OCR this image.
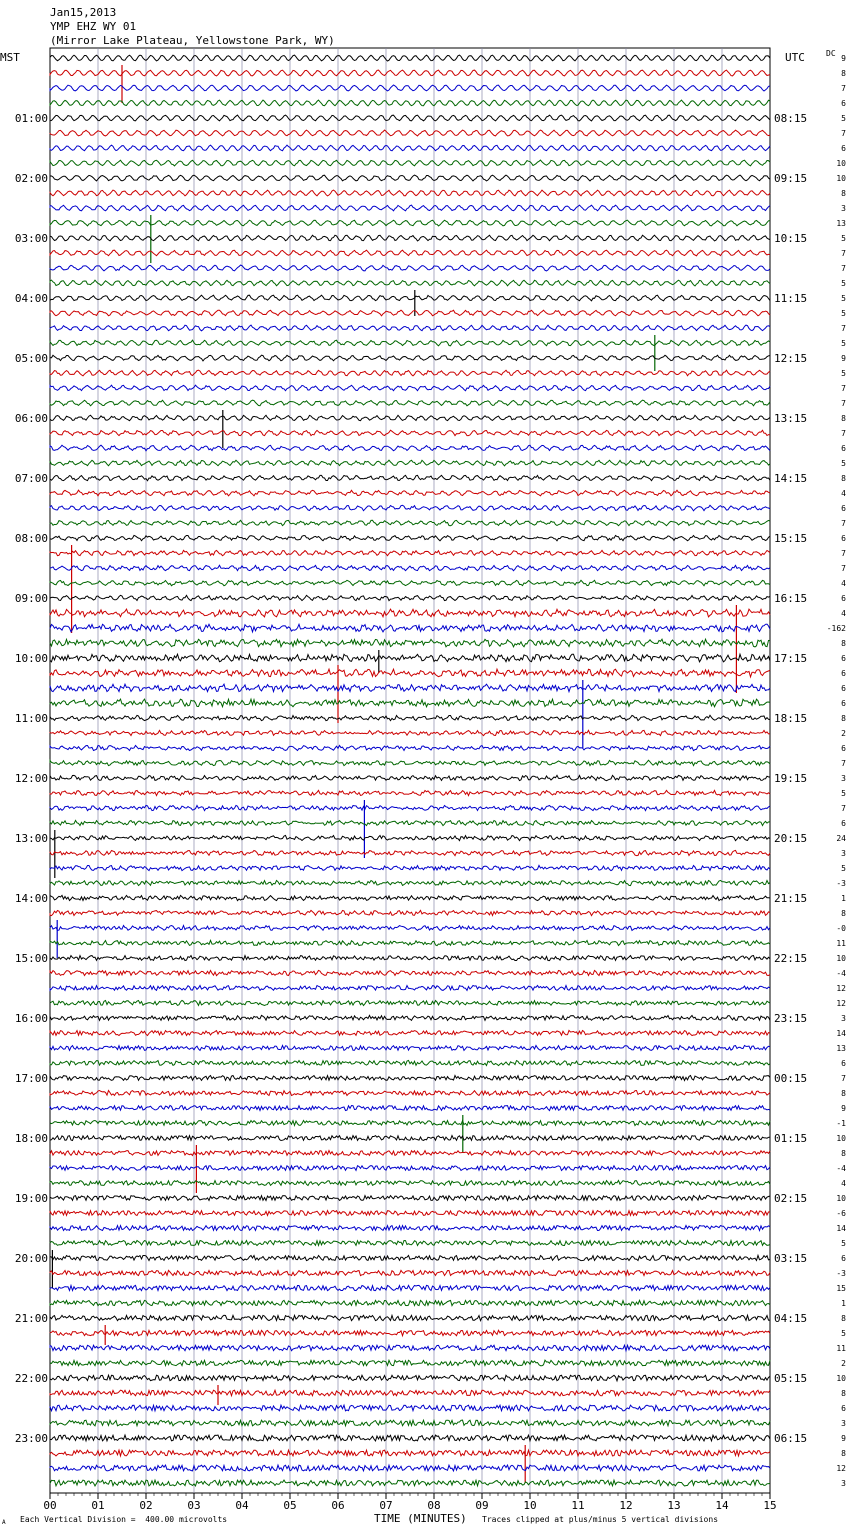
Jan15,2013
YMP EHZ WY 01
(Mirror Lake Plateau, Yellowstone Park, WY)
MST	UTC	DC
00	01	02	03	04	05	06	07	08	09	10	11	12	13	14	15
9
8
7
6
5
7
6
10
10
8
3
13
5
7
7
5
5
5
7
5
9
5
7
7
8
7
6
5
8
4
6
7
6
7
7
4
6
4
-162
8
6
6
6
6
8
2
6
7
3
5
7
6
24
3
5
-3
1
8
-0
11
10
-4
12
12
3
14
13
6
7
8
9
-1
10
8
-4
4
10
-6
14
5
6
-3
15
1
8
5
11
2
10
8
6
3
9
8
12
3
01:00	08:15
02:00	09:15
03:00	10:15
04:00	11:15
05:00	12:15
06:00	13:15
07:00	14:15
08:00	15:15
09:00	16:15
10:00	17:15
11:00	18:15
12:00	19:15
13:00	20:15
14:00	21:15
15:00	22:15
16:00	23:15
17:00	00:15
18:00	01:15
19:00	02:15
20:00	03:15
21:00	04:15
22:00	05:15
23:00	06:15
TIME (MINUTES)
Each Vertical Division =  400.00 microvolts	Traces clipped at plus/minus 5 vertical divisions
A
